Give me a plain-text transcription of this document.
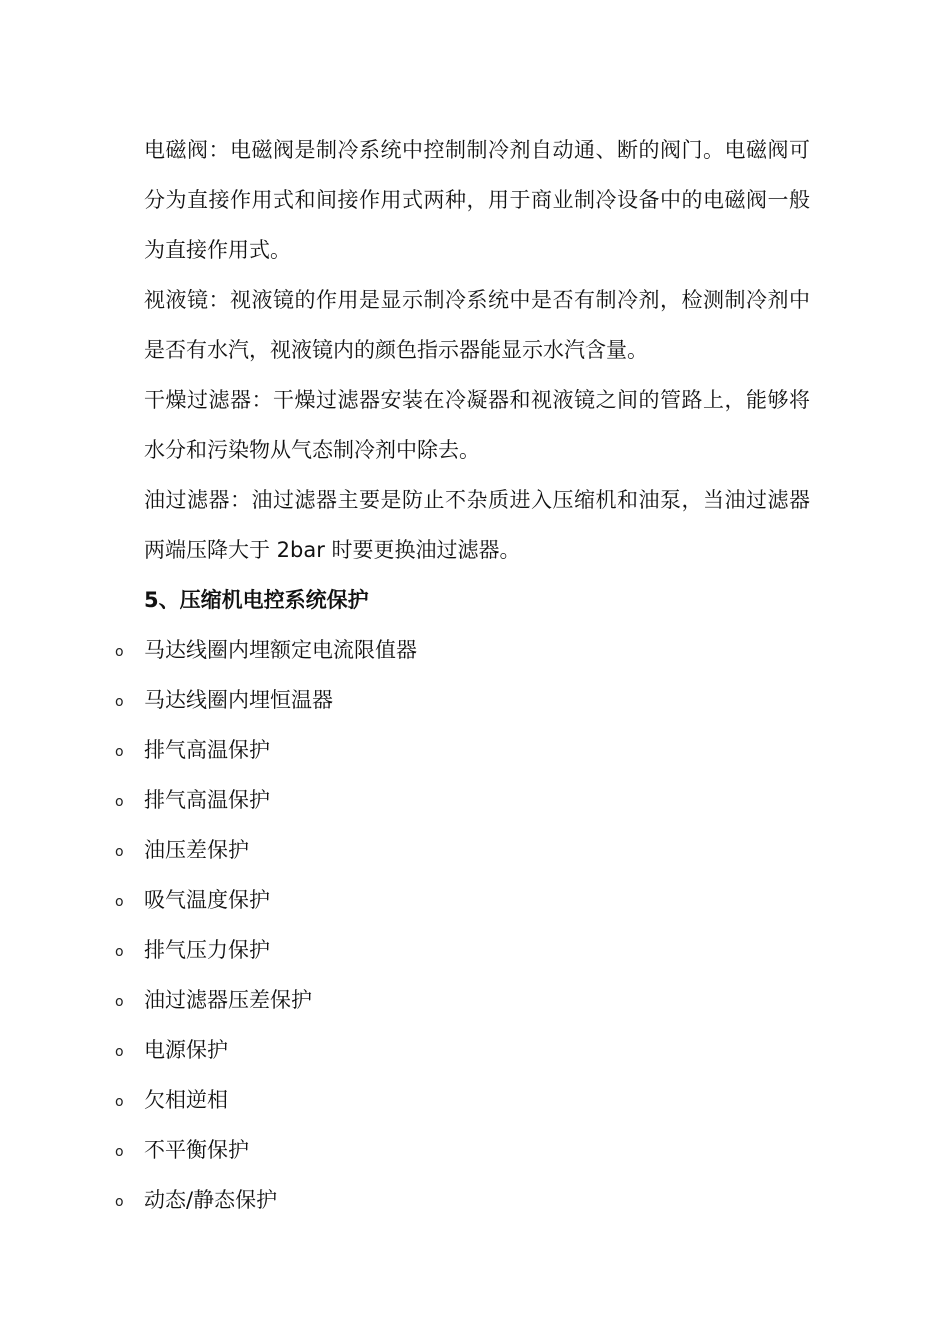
电磁阀：电磁阀是制冷系统中控制制冷剂自动通、断的阀门。电磁阀可分为直接作用式和间接作用式两种，用于商业制冷设备中的电磁阀一般为直接作用式。

视液镜：视液镜的作用是显示制冷系统中是否有制冷剂，检测制冷剂中是否有水汽，视液镜内的颜色指示器能显示水汽含量。

干燥过滤器：干燥过滤器安装在冷凝器和视液镜之间的管路上，能够将水分和污染物从气态制冷剂中除去。

油过滤器：油过滤器主要是防止不杂质进入压缩机和油泵，当油过滤器两端压降大于 2bar 时要更换油过滤器。

5、压缩机电控系统保护
o 马达线圈内埋额定电流限值器
o 马达线圈内埋恒温器
o 排气高温保护
o 排气高温保护
o 油压差保护
o 吸气温度保护
o 排气压力保护
o 油过滤器压差保护
o 电源保护
o 欠相逆相
o 不平衡保护
o 动态/静态保护
